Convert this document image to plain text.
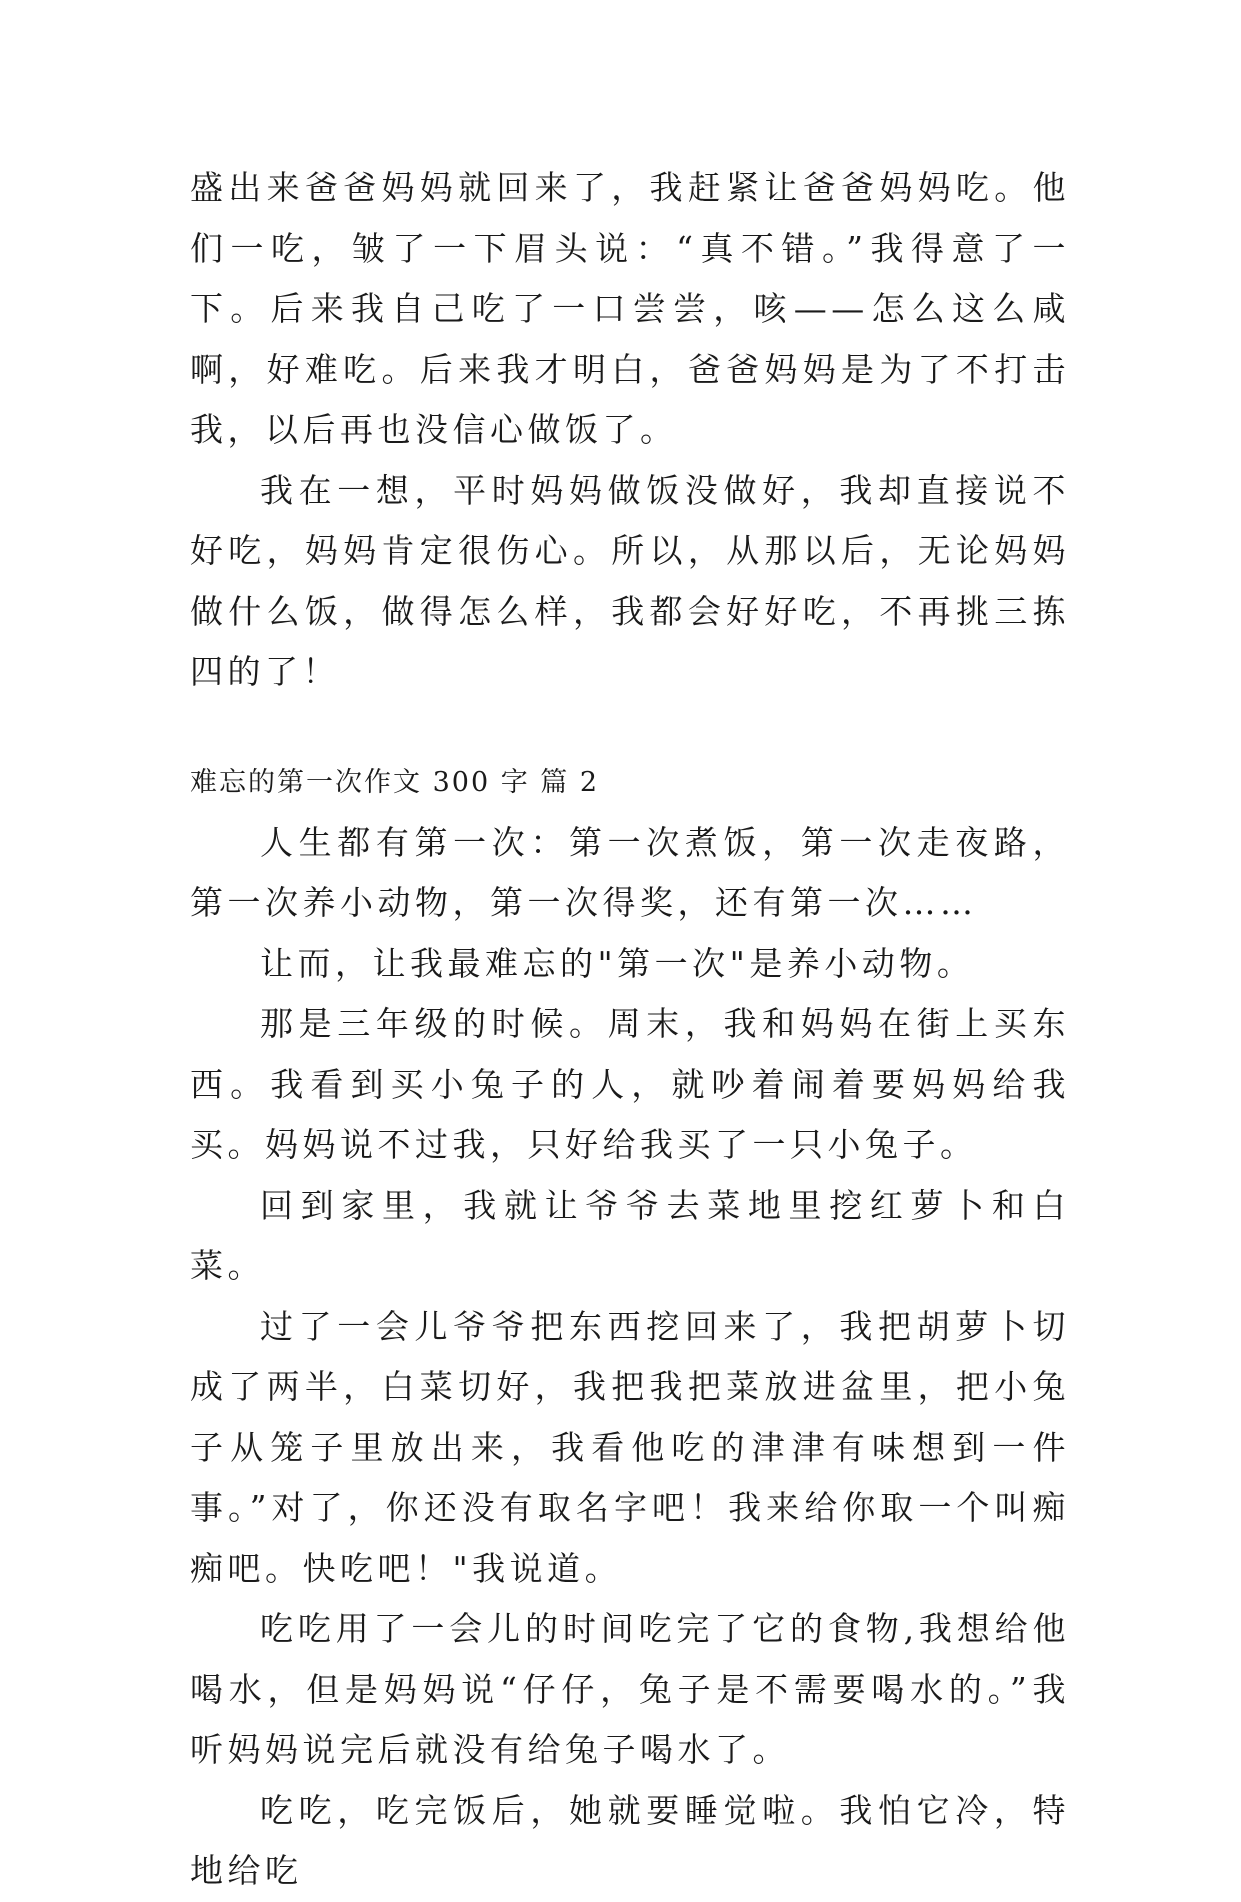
盛出来爸爸妈妈就回来了，我赶紧让爸爸妈妈吃。他们一吃，皱了一下眉头说：“真不错。”我得意了一下。后来我自己吃了一口尝尝，咳——怎么这么咸啊，好难吃。后来我才明白，爸爸妈妈是为了不打击我，以后再也没信心做饭了。

我在一想，平时妈妈做饭没做好，我却直接说不好吃，妈妈肯定很伤心。所以，从那以后，无论妈妈做什么饭，做得怎么样，我都会好好吃，不再挑三拣四的了！

难忘的第一次作文 300 字 篇 2

人生都有第一次：第一次煮饭，第一次走夜路，第一次养小动物，第一次得奖，还有第一次……

让而，让我最难忘的"第一次"是养小动物。

那是三年级的时候。周末，我和妈妈在街上买东西。我看到买小兔子的人，就吵着闹着要妈妈给我买。妈妈说不过我，只好给我买了一只小兔子。

回到家里，我就让爷爷去菜地里挖红萝卜和白菜。

过了一会儿爷爷把东西挖回来了，我把胡萝卜切成了两半，白菜切好，我把我把菜放进盆里，把小兔子从笼子里放出来，我看他吃的津津有味想到一件事。”对了，你还没有取名字吧！我来给你取一个叫痴痴吧。快吃吧！"我说道。

吃吃用了一会儿的时间吃完了它的食物,我想给他喝水，但是妈妈说“仔仔，兔子是不需要喝水的。”我听妈妈说完后就没有给兔子喝水了。

吃吃，吃完饭后，她就要睡觉啦。我怕它冷，特地给吃
